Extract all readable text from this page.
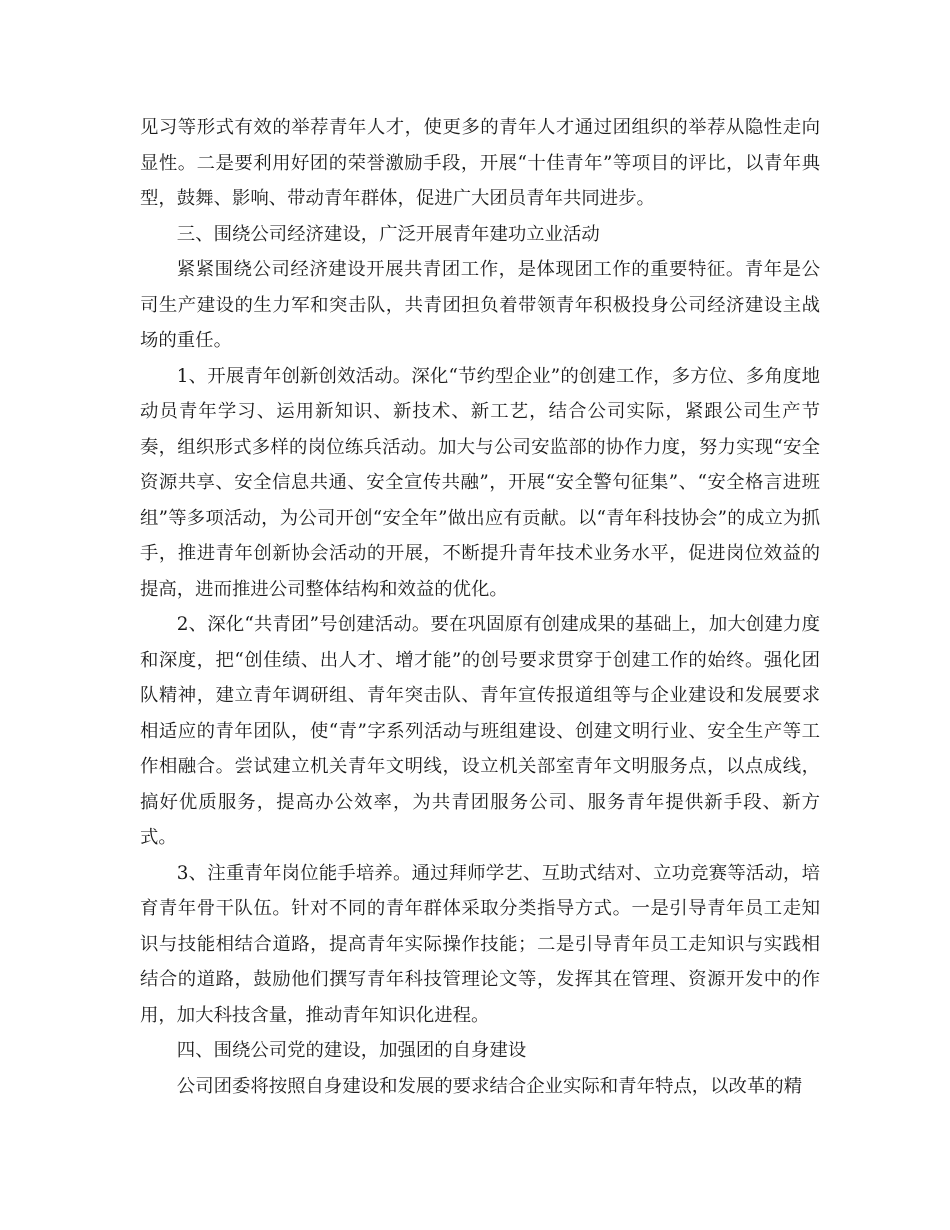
见习等形式有效的举荐青年人才，使更多的青年人才通过团组织的举荐从隐性走向显性。二是要利用好团的荣誉激励手段，开展“十佳青年”等项目的评比，以青年典型，鼓舞、影响、带动青年群体，促进广大团员青年共同进步。

三、围绕公司经济建设，广泛开展青年建功立业活动

紧紧围绕公司经济建设开展共青团工作，是体现团工作的重要特征。青年是公司生产建设的生力军和突击队，共青团担负着带领青年积极投身公司经济建设主战场的重任。

1、开展青年创新创效活动。深化“节约型企业”的创建工作，多方位、多角度地动员青年学习、运用新知识、新技术、新工艺，结合公司实际，紧跟公司生产节奏，组织形式多样的岗位练兵活动。加大与公司安监部的协作力度，努力实现“安全资源共享、安全信息共通、安全宣传共融”，开展“安全警句征集”、“安全格言进班组”等多项活动，为公司开创“安全年”做出应有贡献。以“青年科技协会”的成立为抓手，推进青年创新协会活动的开展，不断提升青年技术业务水平，促进岗位效益的提高，进而推进公司整体结构和效益的优化。

2、深化“共青团”号创建活动。要在巩固原有创建成果的基础上，加大创建力度和深度，把“创佳绩、出人才、增才能”的创号要求贯穿于创建工作的始终。强化团队精神，建立青年调研组、青年突击队、青年宣传报道组等与企业建设和发展要求相适应的青年团队，使“青”字系列活动与班组建设、创建文明行业、安全生产等工作相融合。尝试建立机关青年文明线，设立机关部室青年文明服务点，以点成线，搞好优质服务，提高办公效率，为共青团服务公司、服务青年提供新手段、新方式。

3、注重青年岗位能手培养。通过拜师学艺、互助式结对、立功竞赛等活动，培育青年骨干队伍。针对不同的青年群体采取分类指导方式。一是引导青年员工走知识与技能相结合道路，提高青年实际操作技能；二是引导青年员工走知识与实践相结合的道路，鼓励他们撰写青年科技管理论文等，发挥其在管理、资源开发中的作用，加大科技含量，推动青年知识化进程。

四、围绕公司党的建设，加强团的自身建设

公司团委将按照自身建设和发展的要求结合企业实际和青年特点，以改革的精
